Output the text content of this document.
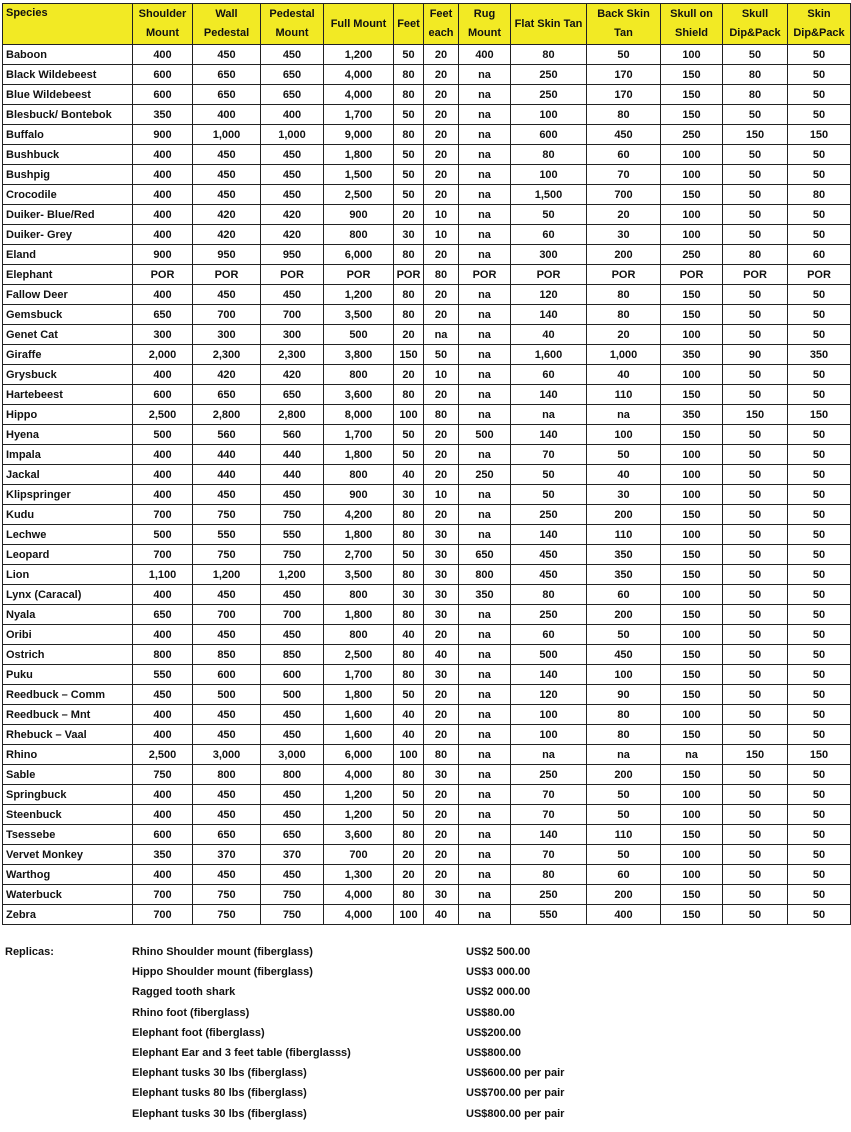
Species	Shoulder Mount	Wall Pedestal	Pedestal Mount	Full Mount	Feet	Feet each	Rug Mount	Flat Skin Tan	Back Skin Tan	Skull on Shield	Skull Dip&Pack	Skin Dip&Pack
Baboon	400	450	450	1,200	50	20	400	80	50	100	50	50
Black Wildebeest	600	650	650	4,000	80	20	na	250	170	150	80	50
Blue Wildebeest	600	650	650	4,000	80	20	na	250	170	150	80	50
Blesbuck/ Bontebok	350	400	400	1,700	50	20	na	100	80	150	50	50
Buffalo	900	1,000	1,000	9,000	80	20	na	600	450	250	150	150
Bushbuck	400	450	450	1,800	50	20	na	80	60	100	50	50
Bushpig	400	450	450	1,500	50	20	na	100	70	100	50	50
Crocodile	400	450	450	2,500	50	20	na	1,500	700	150	50	80
Duiker- Blue/Red	400	420	420	900	20	10	na	50	20	100	50	50
Duiker- Grey	400	420	420	800	30	10	na	60	30	100	50	50
Eland	900	950	950	6,000	80	20	na	300	200	250	80	60
Elephant	POR	POR	POR	POR	POR	80	POR	POR	POR	POR	POR	POR
Fallow Deer	400	450	450	1,200	80	20	na	120	80	150	50	50
Gemsbuck	650	700	700	3,500	80	20	na	140	80	150	50	50
Genet Cat	300	300	300	500	20	na	na	40	20	100	50	50
Giraffe	2,000	2,300	2,300	3,800	150	50	na	1,600	1,000	350	90	350
Grysbuck	400	420	420	800	20	10	na	60	40	100	50	50
Hartebeest	600	650	650	3,600	80	20	na	140	110	150	50	50
Hippo	2,500	2,800	2,800	8,000	100	80	na	na	na	350	150	150
Hyena	500	560	560	1,700	50	20	500	140	100	150	50	50
Impala	400	440	440	1,800	50	20	na	70	50	100	50	50
Jackal	400	440	440	800	40	20	250	50	40	100	50	50
Klipspringer	400	450	450	900	30	10	na	50	30	100	50	50
Kudu	700	750	750	4,200	80	20	na	250	200	150	50	50
Lechwe	500	550	550	1,800	80	30	na	140	110	100	50	50
Leopard	700	750	750	2,700	50	30	650	450	350	150	50	50
Lion	1,100	1,200	1,200	3,500	80	30	800	450	350	150	50	50
Lynx (Caracal)	400	450	450	800	30	30	350	80	60	100	50	50
Nyala	650	700	700	1,800	80	30	na	250	200	150	50	50
Oribi	400	450	450	800	40	20	na	60	50	100	50	50
Ostrich	800	850	850	2,500	80	40	na	500	450	150	50	50
Puku	550	600	600	1,700	80	30	na	140	100	150	50	50
Reedbuck – Comm	450	500	500	1,800	50	20	na	120	90	150	50	50
Reedbuck – Mnt	400	450	450	1,600	40	20	na	100	80	100	50	50
Rhebuck – Vaal	400	450	450	1,600	40	20	na	100	80	150	50	50
Rhino	2,500	3,000	3,000	6,000	100	80	na	na	na	na	150	150
Sable	750	800	800	4,000	80	30	na	250	200	150	50	50
Springbuck	400	450	450	1,200	50	20	na	70	50	100	50	50
Steenbuck	400	450	450	1,200	50	20	na	70	50	100	50	50
Tsessebe	600	650	650	3,600	80	20	na	140	110	150	50	50
Vervet Monkey	350	370	370	700	20	20	na	70	50	100	50	50
Warthog	400	450	450	1,300	20	20	na	80	60	100	50	50
Waterbuck	700	750	750	4,000	80	30	na	250	200	150	50	50
Zebra	700	750	750	4,000	100	40	na	550	400	150	50	50
Replicas:	Rhino Shoulder mount (fiberglass)	US$2 500.00
Hippo Shoulder mount (fiberglass)	US$3 000.00
Ragged tooth shark	US$2 000.00
Rhino foot (fiberglass)	US$80.00
Elephant foot (fiberglass)	US$200.00
Elephant Ear and 3 feet table (fiberglasss)	US$800.00
Elephant tusks 30 lbs (fiberglass)	US$600.00 per pair
Elephant tusks 80 lbs (fiberglass)	US$700.00 per pair
Elephant tusks 30 lbs (fiberglass)	US$800.00 per pair
